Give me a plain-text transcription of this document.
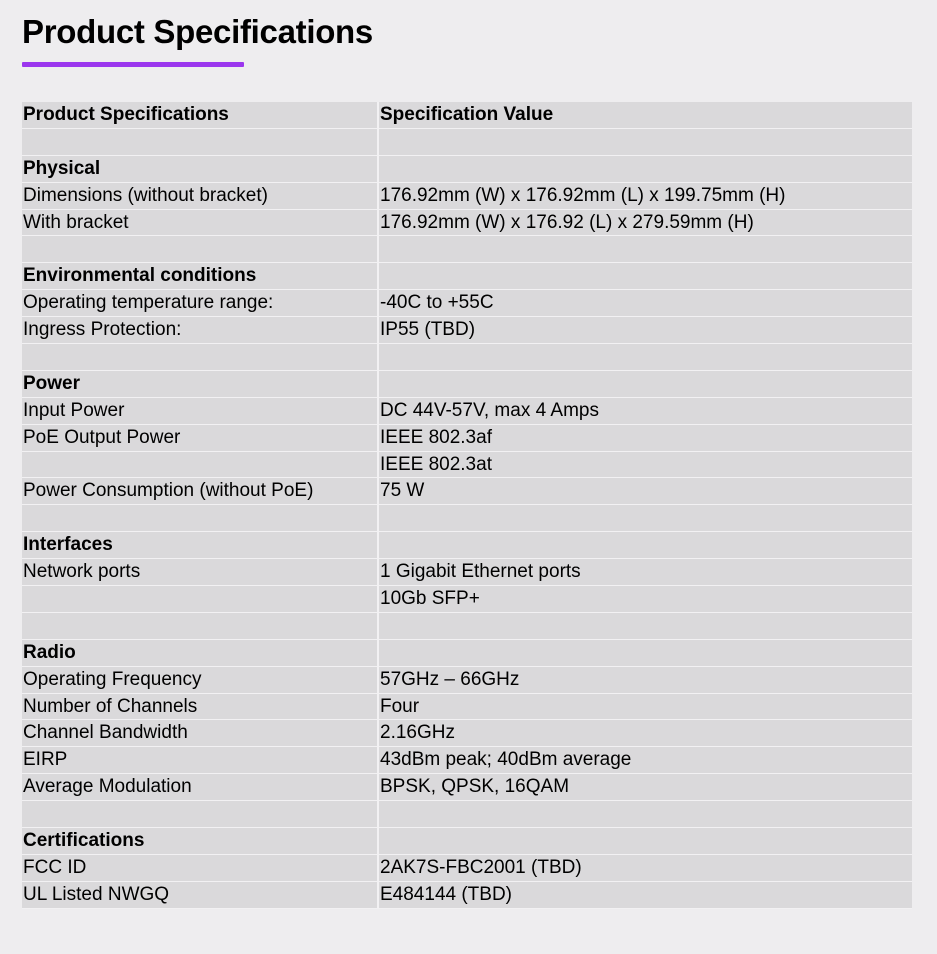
Product Specifications
Product Specifications	Specification Value

Physical	
Dimensions (without bracket)	176.92mm (W) x 176.92mm (L) x 199.75mm (H)
With bracket	176.92mm (W) x 176.92 (L) x 279.59mm (H)

Environmental conditions	
Operating temperature range:	-40C to +55C
Ingress Protection:	IP55 (TBD)

Power	
Input Power	DC 44V-57V, max 4 Amps
PoE Output Power	IEEE 802.3af
	IEEE 802.3at
Power Consumption (without PoE)	75 W

Interfaces	
Network ports	1 Gigabit Ethernet ports
	10Gb SFP+

Radio	
Operating Frequency	57GHz – 66GHz
Number of Channels	Four
Channel Bandwidth	2.16GHz
EIRP	43dBm peak; 40dBm average
Average Modulation	BPSK, QPSK, 16QAM

Certifications	
FCC ID	2AK7S-FBC2001 (TBD)
UL Listed NWGQ	E484144 (TBD)
